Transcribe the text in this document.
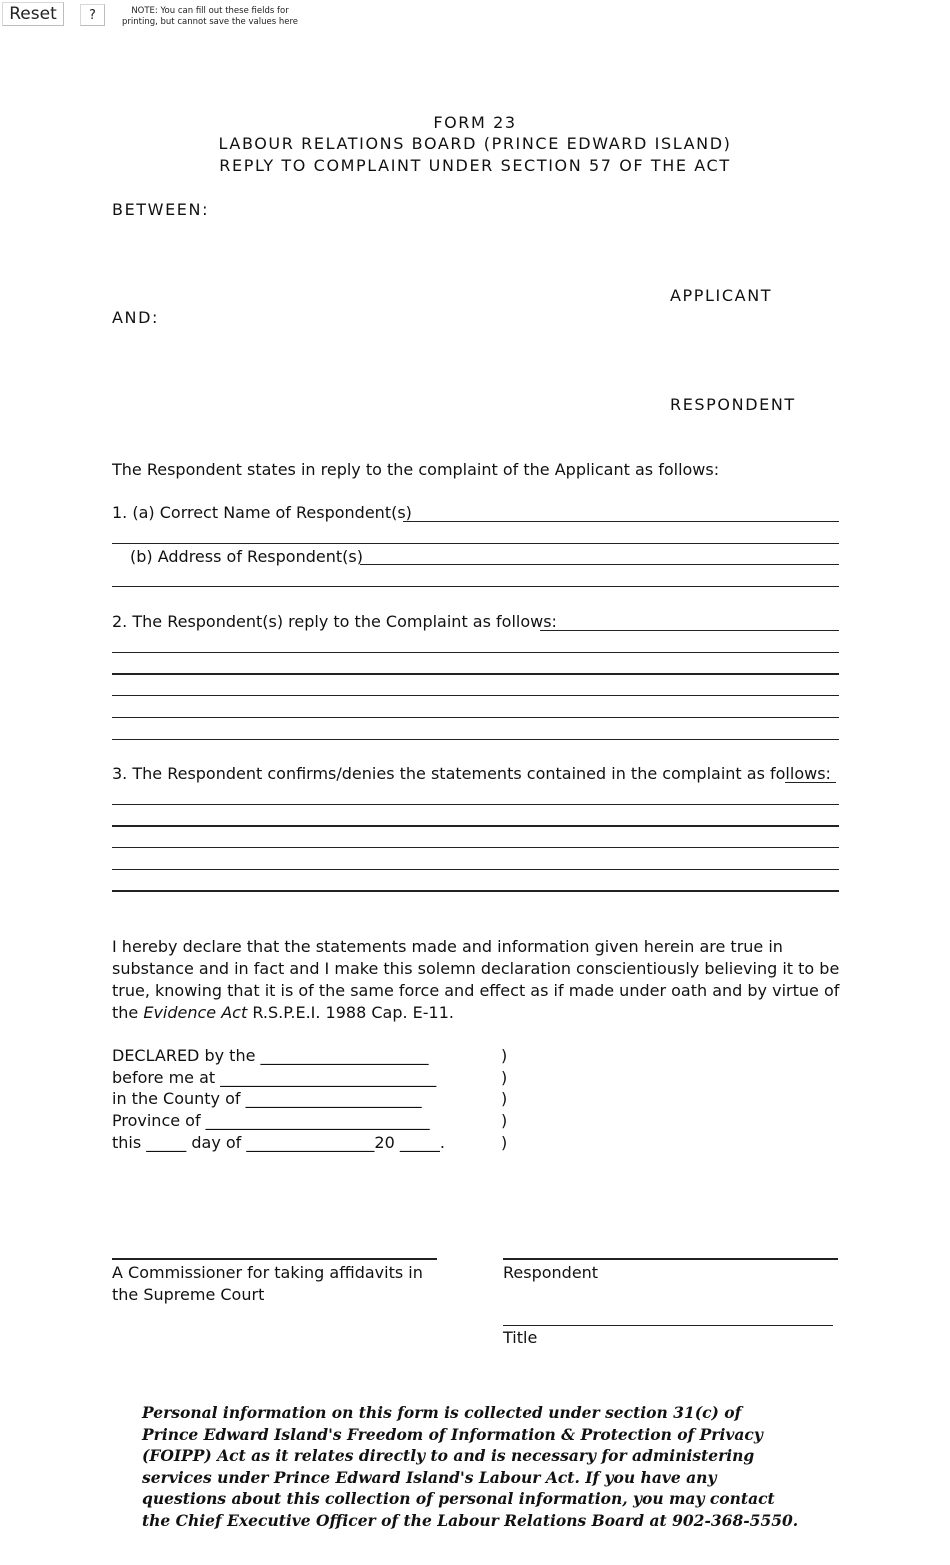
Reset	?	NOTE: You can fill out these fields for printing, but cannot save the values here
FORM 23
LABOUR RELATIONS BOARD (PRINCE EDWARD ISLAND)
REPLY TO COMPLAINT UNDER SECTION 57 OF THE ACT
BETWEEN:
APPLICANT
AND:
RESPONDENT
The Respondent states in reply to the complaint of the Applicant as follows:
1. (a) Correct Name of Respondent(s)
(b) Address of Respondent(s)
2. The Respondent(s) reply to the Complaint as follows:
3. The Respondent confirms/denies the statements contained in the complaint as follows:
I hereby declare that the statements made and information given herein are true in substance and in fact and I make this solemn declaration conscientiously believing it to be true, knowing that it is of the same force and effect as if made under oath and by virtue of the Evidence Act R.S.P.E.I. 1988 Cap. E-11.
DECLARED by the _____________________
before me at ___________________________
in the County of ______________________
Province of ____________________________
this _____ day of ________________20 _____.
)
)
)
)
)
A Commissioner for taking affidavits in the Supreme Court
Respondent
Title
Personal information on this form is collected under section 31(c) of Prince Edward Island's Freedom of Information & Protection of Privacy (FOIPP) Act as it relates directly to and is necessary for administering services under Prince Edward Island's Labour Act. If you have any questions about this collection of personal information, you may contact the Chief Executive Officer of the Labour Relations Board at 902-368-5550.
